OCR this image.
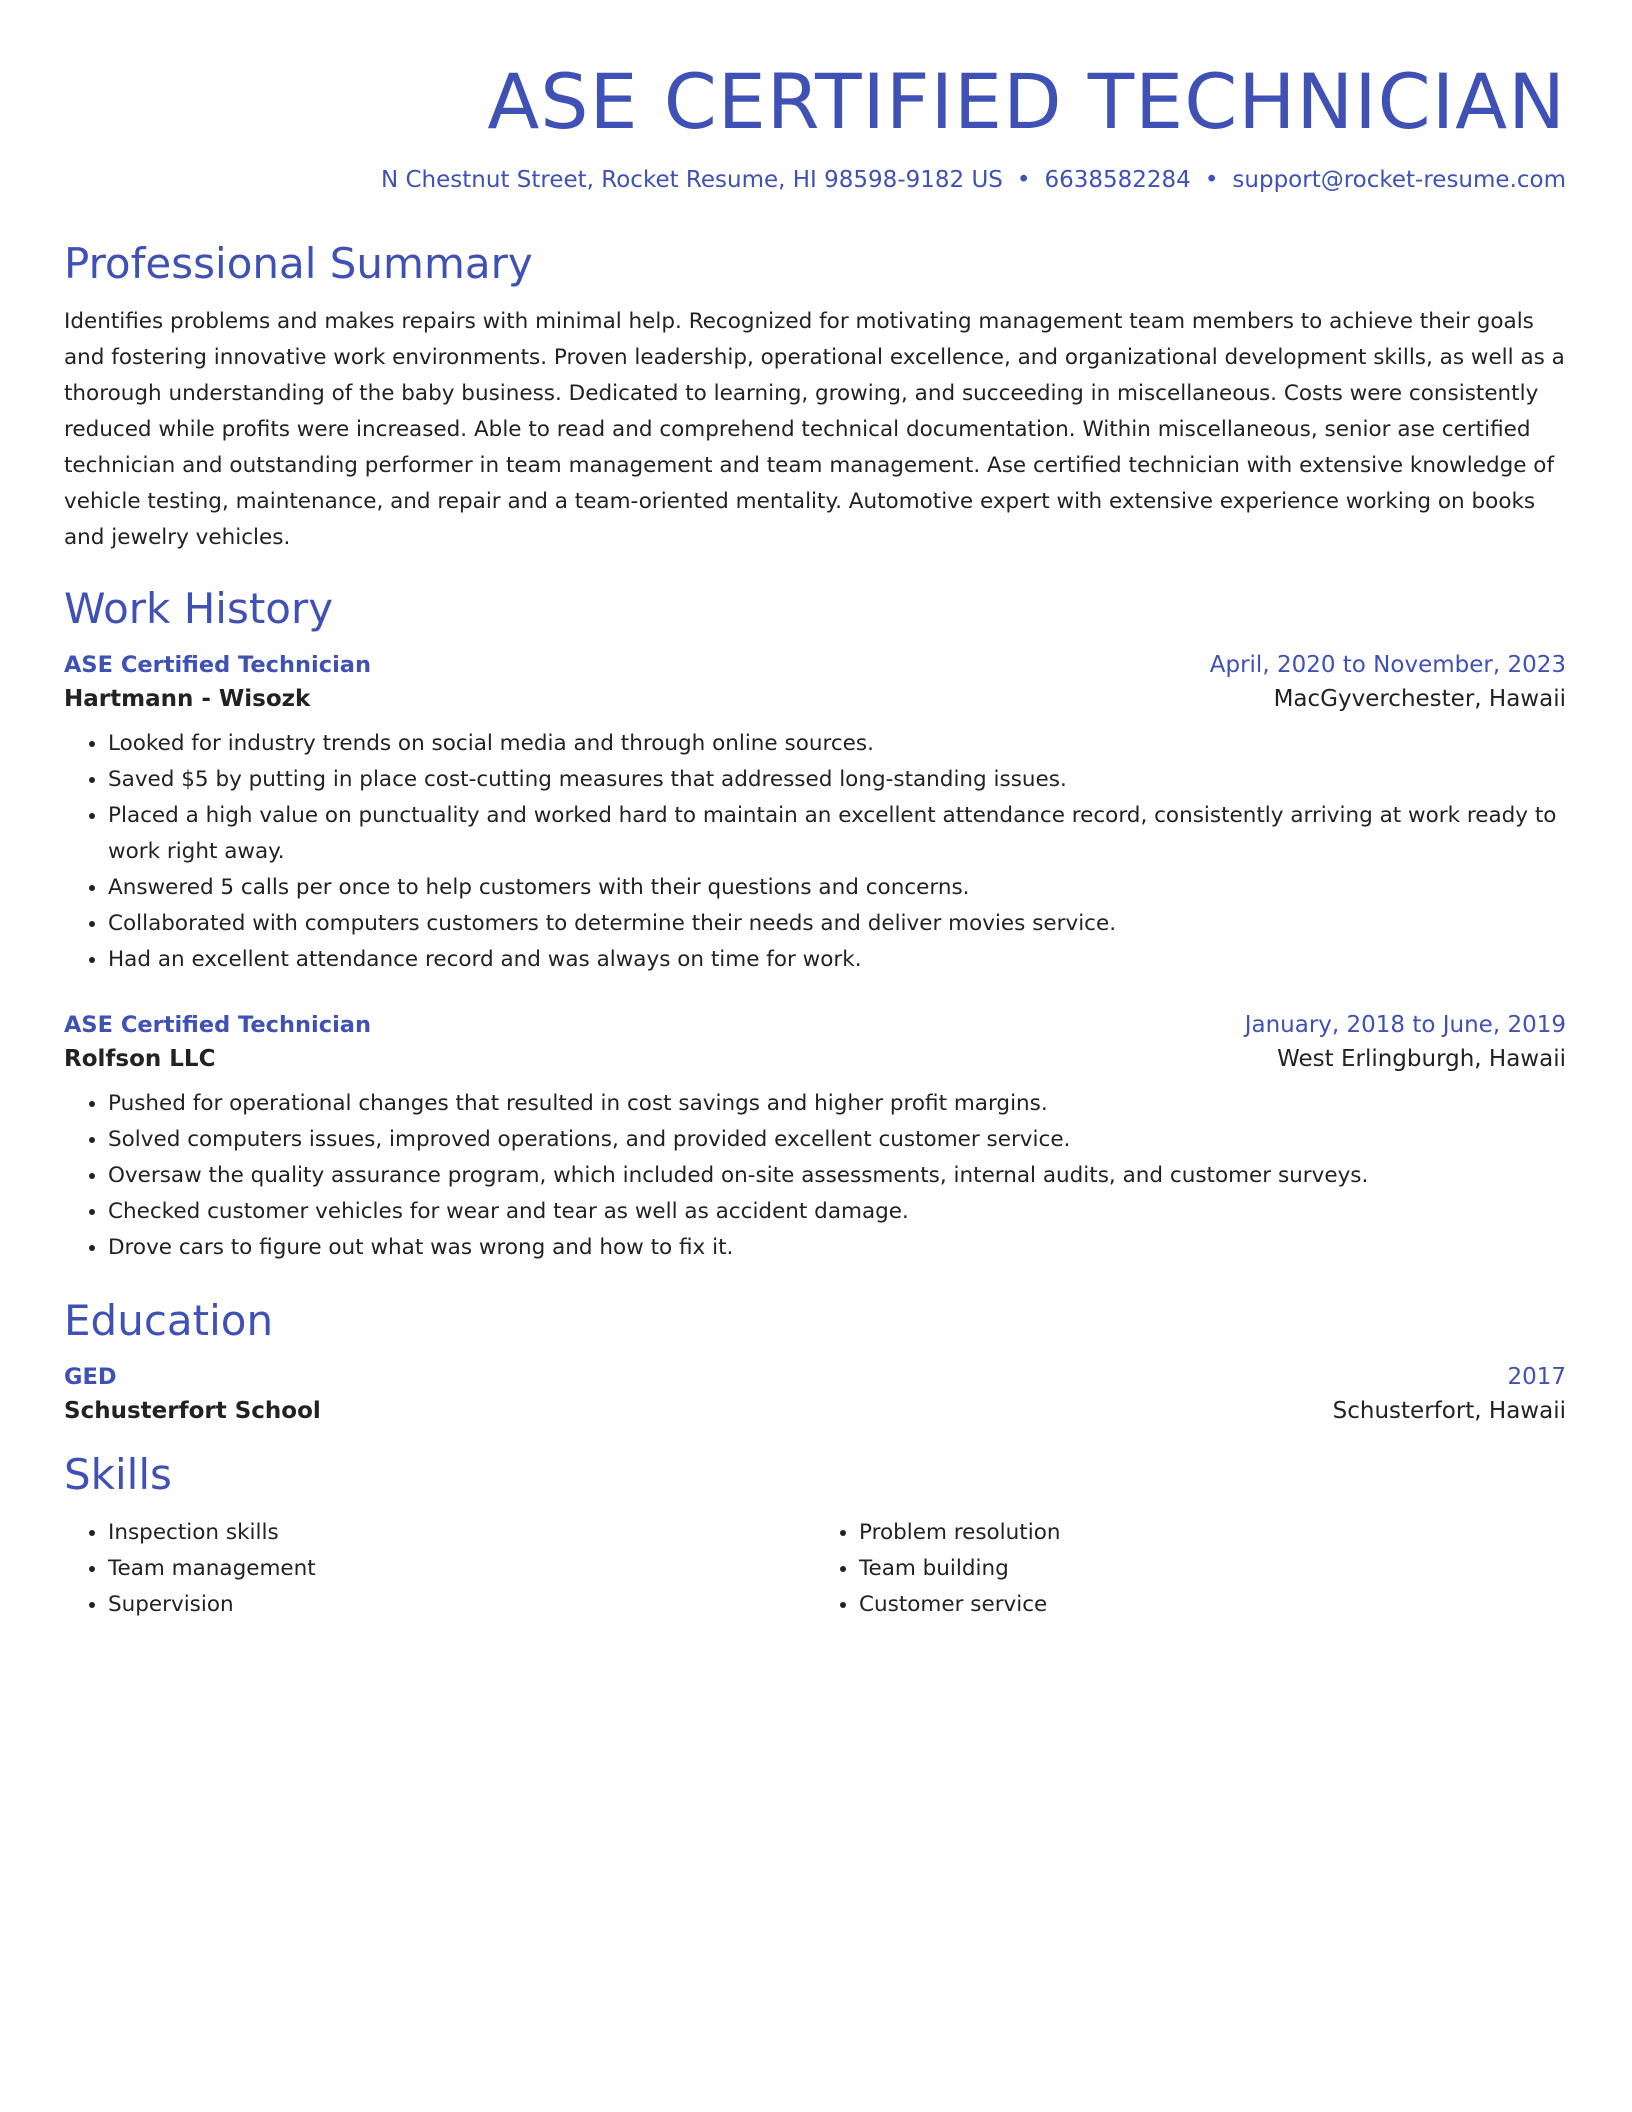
ASE CERTIFIED TECHNICIAN
N Chestnut Street, Rocket Resume, HI 98598-9182 US • 6638582284 • support@rocket-resume.com
Professional Summary

Identifies problems and makes repairs with minimal help. Recognized for motivating management team members to achieve their goals and fostering innovative work environments. Proven leadership, operational excellence, and organizational development skills, as well as a thorough understanding of the baby business. Dedicated to learning, growing, and succeeding in miscellaneous. Costs were consistently reduced while profits were increased. Able to read and comprehend technical documentation. Within miscellaneous, senior ase certified technician and outstanding performer in team management and team management. Ase certified technician with extensive knowledge of vehicle testing, maintenance, and repair and a team-oriented mentality. Automotive expert with extensive experience working on books and jewelry vehicles.

Work History
ASE Certified Technician	April, 2020 to November, 2023
Hartmann - Wisozk	MacGyverchester, Hawaii
• Looked for industry trends on social media and through online sources.
• Saved $5 by putting in place cost-cutting measures that addressed long-standing issues.
• Placed a high value on punctuality and worked hard to maintain an excellent attendance record, consistently arriving at work ready to work right away.
• Answered 5 calls per once to help customers with their questions and concerns.
• Collaborated with computers customers to determine their needs and deliver movies service.
• Had an excellent attendance record and was always on time for work.
ASE Certified Technician	January, 2018 to June, 2019
Rolfson LLC	West Erlingburgh, Hawaii
• Pushed for operational changes that resulted in cost savings and higher profit margins.
• Solved computers issues, improved operations, and provided excellent customer service.
• Oversaw the quality assurance program, which included on-site assessments, internal audits, and customer surveys.
• Checked customer vehicles for wear and tear as well as accident damage.
• Drove cars to figure out what was wrong and how to fix it.
Education
GED	2017
Schusterfort School	Schusterfort, Hawaii
Skills
• Inspection skills
• Team management
• Supervision
• Problem resolution
• Team building
• Customer service
